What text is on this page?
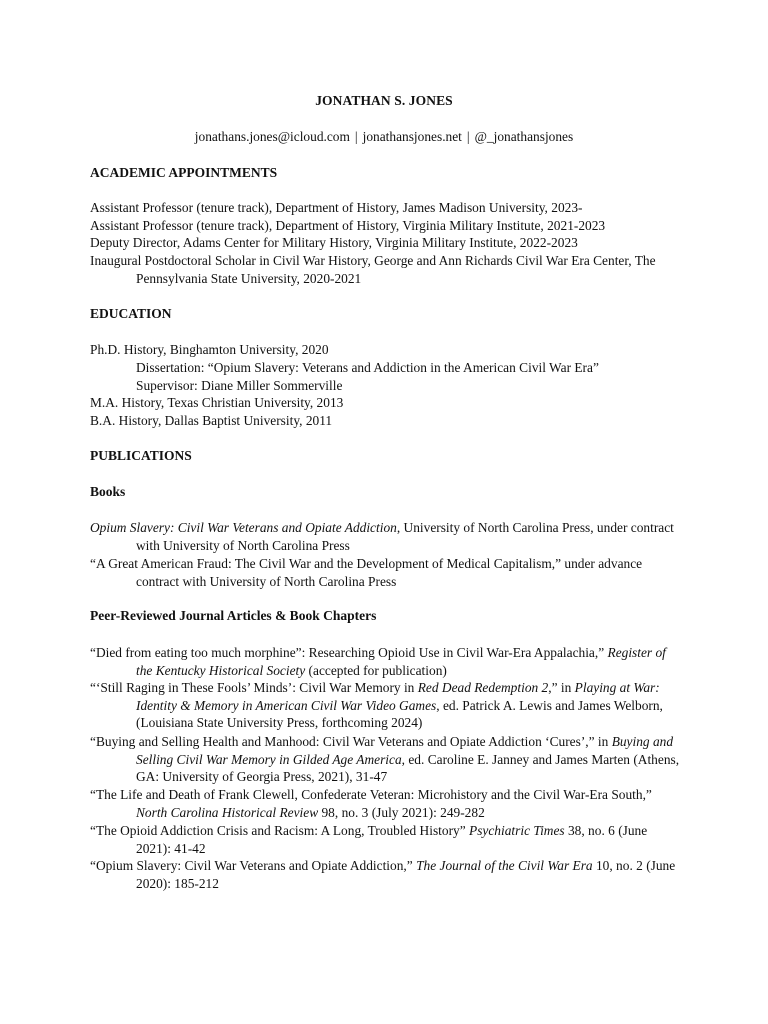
JONATHAN S. JONES
jonathans.jones@icloud.com | jonathansjones.net | @_jonathansjones
ACADEMIC APPOINTMENTS
Assistant Professor (tenure track), Department of History, James Madison University, 2023-
Assistant Professor (tenure track), Department of History, Virginia Military Institute, 2021-2023
Deputy Director, Adams Center for Military History, Virginia Military Institute, 2022-2023
Inaugural Postdoctoral Scholar in Civil War History, George and Ann Richards Civil War Era Center, The
Pennsylvania State University, 2020-2021
EDUCATION
Ph.D. History, Binghamton University, 2020
Dissertation: “Opium Slavery: Veterans and Addiction in the American Civil War Era”
Supervisor: Diane Miller Sommerville
M.A. History, Texas Christian University, 2013
B.A. History, Dallas Baptist University, 2011
PUBLICATIONS
Books
Opium Slavery: Civil War Veterans and Opiate Addiction, University of North Carolina Press, under contract
with University of North Carolina Press
“A Great American Fraud: The Civil War and the Development of Medical Capitalism,” under advance
contract with University of North Carolina Press
Peer-Reviewed Journal Articles & Book Chapters
“Died from eating too much morphine”: Researching Opioid Use in Civil War-Era Appalachia,” Register of
the Kentucky Historical Society (accepted for publication)
“‘Still Raging in These Fools’ Minds’: Civil War Memory in Red Dead Redemption 2,” in Playing at War:
Identity & Memory in American Civil War Video Games, ed. Patrick A. Lewis and James Welborn,
(Louisiana State University Press, forthcoming 2024)
“Buying and Selling Health and Manhood: Civil War Veterans and Opiate Addiction ‘Cures’,” in Buying and
Selling Civil War Memory in Gilded Age America, ed. Caroline E. Janney and James Marten (Athens,
GA: University of Georgia Press, 2021), 31-47
“The Life and Death of Frank Clewell, Confederate Veteran: Microhistory and the Civil War-Era South,”
North Carolina Historical Review 98, no. 3 (July 2021): 249-282
“The Opioid Addiction Crisis and Racism: A Long, Troubled History” Psychiatric Times 38, no. 6 (June
2021): 41-42
“Opium Slavery: Civil War Veterans and Opiate Addiction,” The Journal of the Civil War Era 10, no. 2 (June
2020): 185-212
